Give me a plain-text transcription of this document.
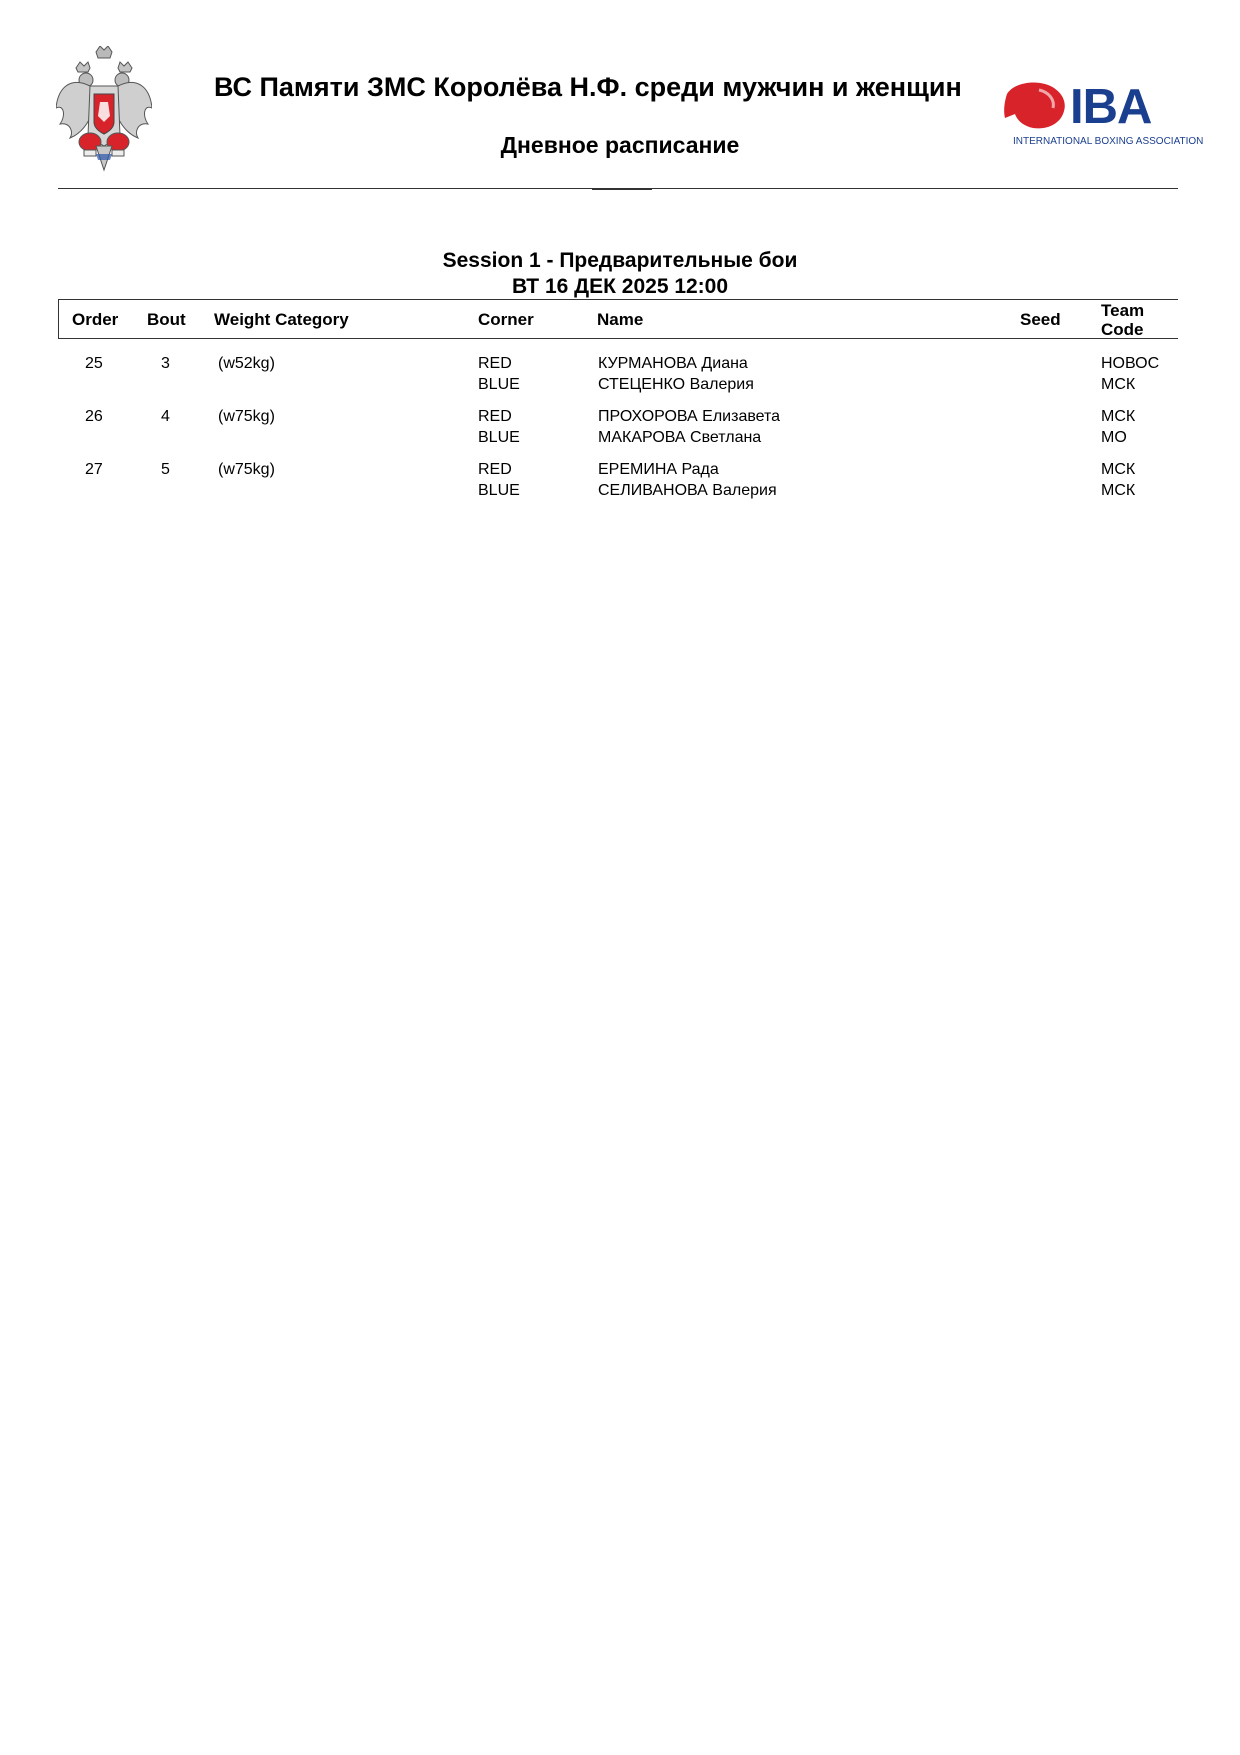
IBA
INTERNATIONAL BOXING ASSOCIATION
ВС Памяти ЗМС Королёва Н.Ф. среди мужчин и женщин
Дневное расписание
Session 1 - Предварительные бои
ВТ 16 ДЕК 2025 12:00
Order Bout Weight Category	Corner	Name	Seed Team
Code
25	3	(w52kg)	RED	КУРМАНОВА Диана	НОВОС
BLUE	СТЕЦЕНКО Валерия	МСК
26	4	(w75kg)	RED	ПРОХОРОВА Елизавета	МСК
BLUE	МАКАРОВА Светлана	МО
27	5	(w75kg)	RED	ЕРЕМИНА Рада	МСК
BLUE	СЕЛИВАНОВА Валерия	МСК
